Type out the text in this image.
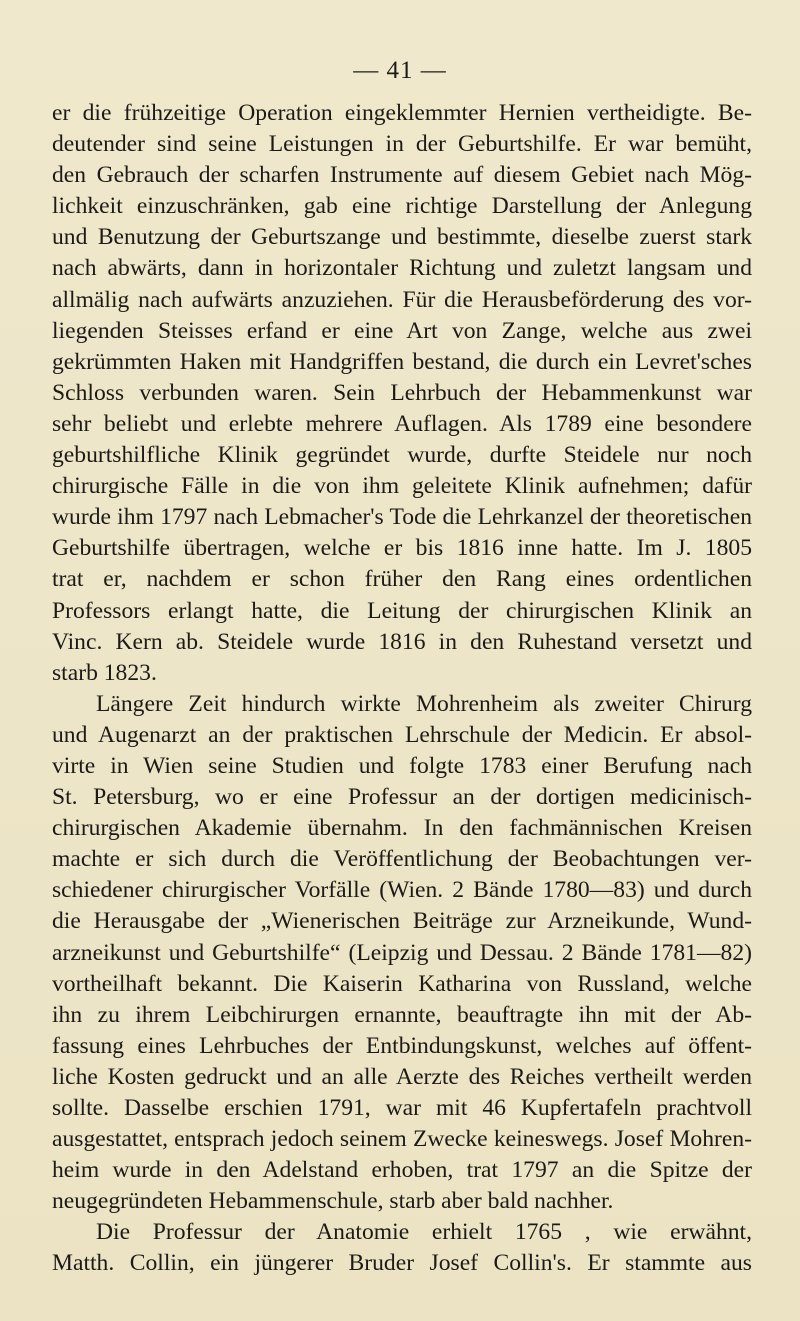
— 41 —
er die frühzeitige Operation eingeklemmter Hernien vertheidigte. Be-
deutender sind seine Leistungen in der Geburtshilfe. Er war bemüht,
den Gebrauch der scharfen Instrumente auf diesem Gebiet nach Mög-
lichkeit einzuschränken, gab eine richtige Darstellung der Anlegung
und Benutzung der Geburtszange und bestimmte, dieselbe zuerst stark
nach abwärts, dann in horizontaler Richtung und zuletzt langsam und
allmälig nach aufwärts anzuziehen. Für die Herausbeförderung des vor-
liegenden Steisses erfand er eine Art von Zange, welche aus zwei
gekrümmten Haken mit Handgriffen bestand, die durch ein Levret'sches
Schloss verbunden waren. Sein Lehrbuch der Hebammenkunst war
sehr beliebt und erlebte mehrere Auflagen. Als 1789 eine besondere
geburtshilfliche Klinik gegründet wurde, durfte Steidele nur noch
chirurgische Fälle in die von ihm geleitete Klinik aufnehmen; dafür
wurde ihm 1797 nach Lebmacher's Tode die Lehrkanzel der theoretischen
Geburtshilfe übertragen, welche er bis 1816 inne hatte. Im J. 1805
trat er, nachdem er schon früher den Rang eines ordentlichen
Professors erlangt hatte, die Leitung der chirurgischen Klinik an
Vinc. Kern ab. Steidele wurde 1816 in den Ruhestand versetzt und
starb 1823.
Längere Zeit hindurch wirkte Mohrenheim als zweiter Chirurg
und Augenarzt an der praktischen Lehrschule der Medicin. Er absol-
virte in Wien seine Studien und folgte 1783 einer Berufung nach
St. Petersburg, wo er eine Professur an der dortigen medicinisch-
chirurgischen Akademie übernahm. In den fachmännischen Kreisen
machte er sich durch die Veröffentlichung der Beobachtungen ver-
schiedener chirurgischer Vorfälle (Wien. 2 Bände 1780—83) und durch
die Herausgabe der „Wienerischen Beiträge zur Arzneikunde, Wund-
arzneikunst und Geburtshilfe“ (Leipzig und Dessau. 2 Bände 1781—82)
vortheilhaft bekannt. Die Kaiserin Katharina von Russland, welche
ihn zu ihrem Leibchirurgen ernannte, beauftragte ihn mit der Ab-
fassung eines Lehrbuches der Entbindungskunst, welches auf öffent-
liche Kosten gedruckt und an alle Aerzte des Reiches vertheilt werden
sollte. Dasselbe erschien 1791, war mit 46 Kupfertafeln prachtvoll
ausgestattet, entsprach jedoch seinem Zwecke keineswegs. Josef Mohren-
heim wurde in den Adelstand erhoben, trat 1797 an die Spitze der
neugegründeten Hebammenschule, starb aber bald nachher.
Die Professur der Anatomie erhielt 1765 , wie erwähnt,
Matth. Collin, ein jüngerer Bruder Josef Collin's. Er stammte aus
